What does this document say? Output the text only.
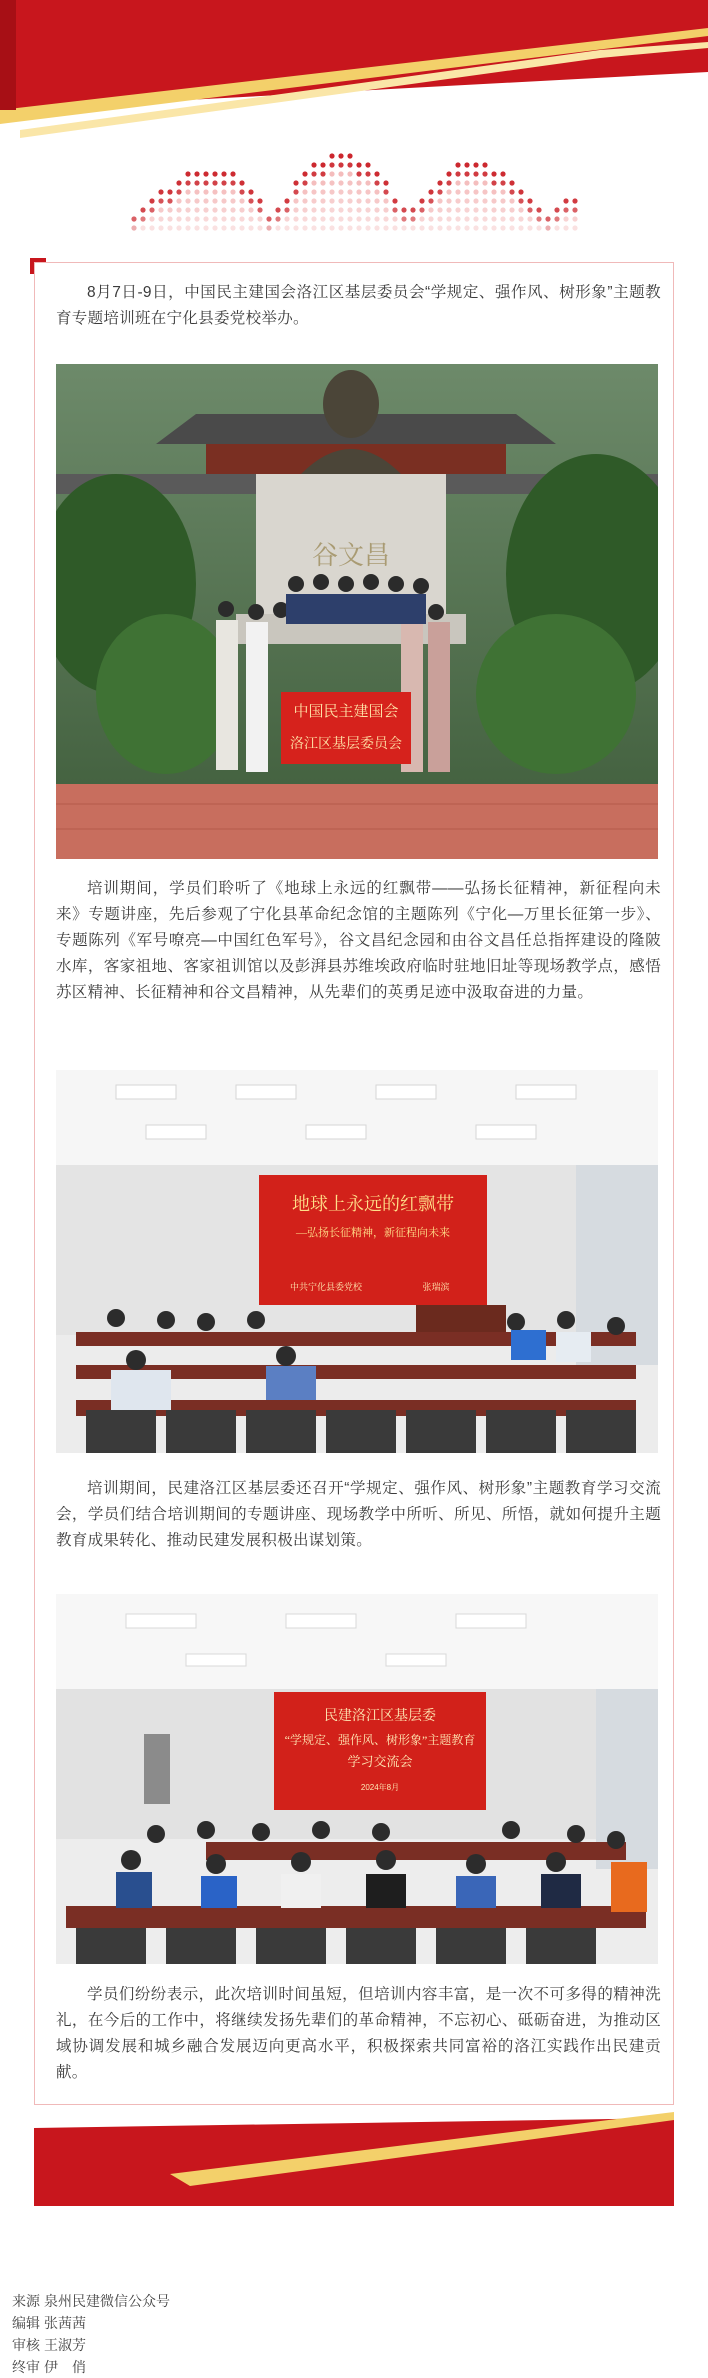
8月7日-9日，中国民主建国会洛江区基层委员会“学规定、强作风、树形象”主题教育专题培训班在宁化县委党校举办。

谷文昌
中国民主建国会
洛江区基层委员会

培训期间，学员们聆听了《地球上永远的红飘带——弘扬长征精神，新征程向未来》专题讲座，先后参观了宁化县革命纪念馆的主题陈列《宁化—万里长征第一步》、专题陈列《军号嘹亮—中国红色军号》，谷文昌纪念园和由谷文昌任总指挥建设的隆陂水库，客家祖地、客家祖训馆以及彭湃县苏维埃政府临时驻地旧址等现场教学点，感悟苏区精神、长征精神和谷文昌精神，从先辈们的英勇足迹中汲取奋进的力量。

地球上永远的红飘带
—弘扬长征精神，新征程向未来
中共宁化县委党校	张瑞滨

培训期间，民建洛江区基层委还召开“学规定、强作风、树形象”主题教育学习交流会，学员们结合培训期间的专题讲座、现场教学中所听、所见、所悟，就如何提升主题教育成果转化、推动民建发展积极出谋划策。

民建洛江区基层委
“学规定、强作风、树形象”主题教育
学习交流会
2024年8月

学员们纷纷表示，此次培训时间虽短，但培训内容丰富，是一次不可多得的精神洗礼，在今后的工作中，将继续发扬先辈们的革命精神，不忘初心、砥砺奋进，为推动区域协调发展和城乡融合发展迈向更高水平，积极探索共同富裕的洛江实践作出民建贡献。

来源 泉州民建微信公众号
编辑 张茜茜
审核 王淑芳
终审 伊　俏
